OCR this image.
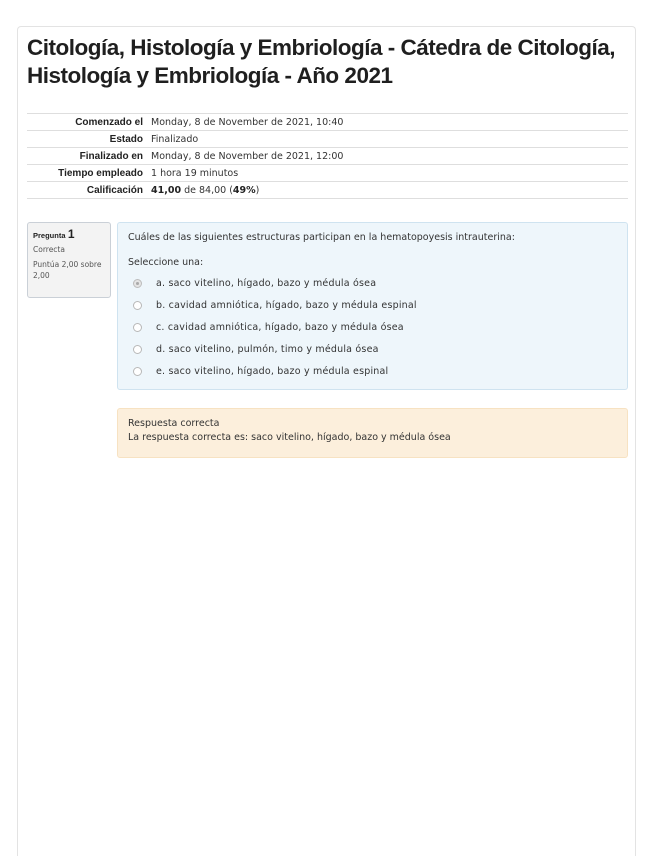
Citología, Histología y Embriología - Cátedra de Citología, Histología y Embriología - Año 2021
Comenzado el	Monday, 8 de November de 2021, 10:40
Estado	Finalizado
Finalizado en	Monday, 8 de November de 2021, 12:00
Tiempo empleado	1 hora 19 minutos
Calificación	41,00 de 84,00 (49%)
Pregunta 1
Correcta
Puntúa 2,00 sobre 2,00

Cuáles de las siguientes estructuras participan en la hematopoyesis intrauterina:

Seleccione una:

a. saco vitelino, hígado, bazo y médula ósea
b. cavidad amniótica, hígado, bazo y médula espinal
c. cavidad amniótica, hígado, bazo y médula ósea
d. saco vitelino, pulmón, timo y médula ósea
e. saco vitelino, hígado, bazo y médula espinal

Respuesta correcta

La respuesta correcta es: saco vitelino, hígado, bazo y médula ósea
